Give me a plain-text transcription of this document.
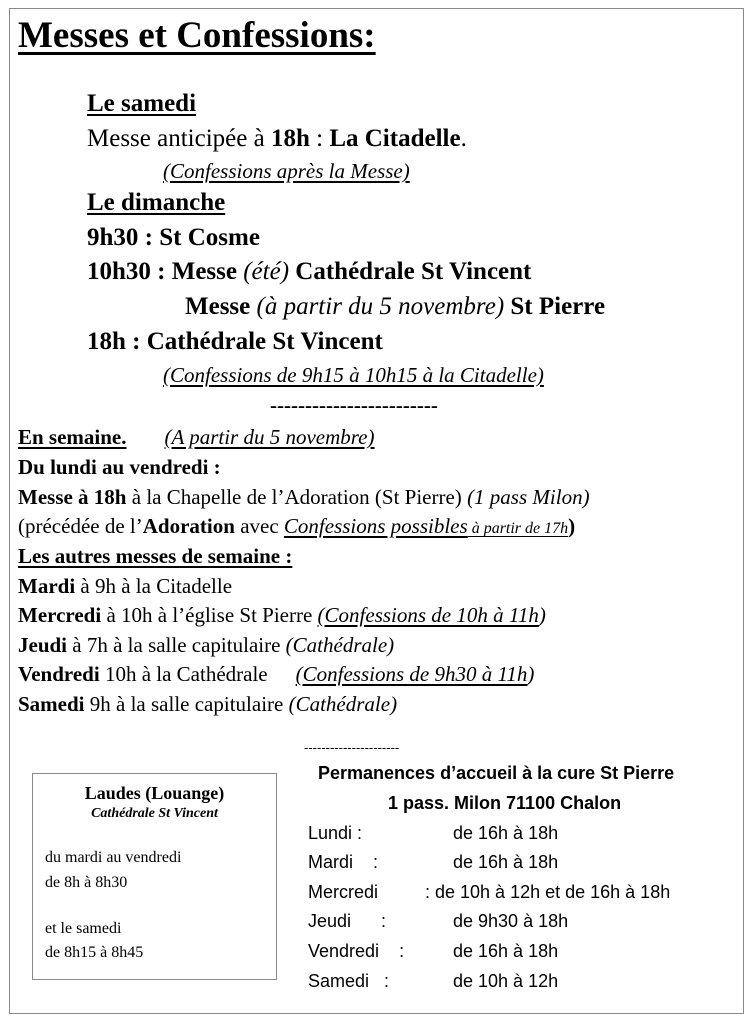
Messes et Confessions:
Le samedi
Messe anticipée à 18h : La Citadelle.
(Confessions après la Messe)
Le dimanche
9h30 : St Cosme
10h30 : Messe (été) Cathédrale St Vincent
Messe (à partir du 5 novembre) St Pierre
18h : Cathédrale St Vincent
(Confessions de 9h15 à 10h15 à la Citadelle)
------------------------
En semaine. (A partir du 5 novembre)
Du lundi au vendredi :
Messe à 18h à la Chapelle de l’Adoration (St Pierre) (1 pass Milon)
(précédée de l’Adoration avec Confessions possibles à partir de 17h)
Les autres messes de semaine :
Mardi à 9h à la Citadelle
Mercredi à 10h à l’église St Pierre (Confessions de 10h à 11h)
Jeudi à 7h à la salle capitulaire (Cathédrale)
Vendredi 10h à la Cathédrale (Confessions de 9h30 à 11h)
Samedi 9h à la salle capitulaire (Cathédrale)
Laudes (Louange)
Cathédrale St Vincent
du mardi au vendredi
de 8h à 8h30
et le samedi
de 8h15 à 8h45
----------------------
Permanences d’accueil à la cure St Pierre
1 pass. Milon 71100 Chalon
Lundi :	de 16h à 18h
Mardi    :	de 16h à 18h
Mercredi	: de 10h à 12h et de 16h à 18h
Jeudi      :	de 9h30 à 18h
Vendredi    :	de 16h à 18h
Samedi   :	de 10h à 12h
